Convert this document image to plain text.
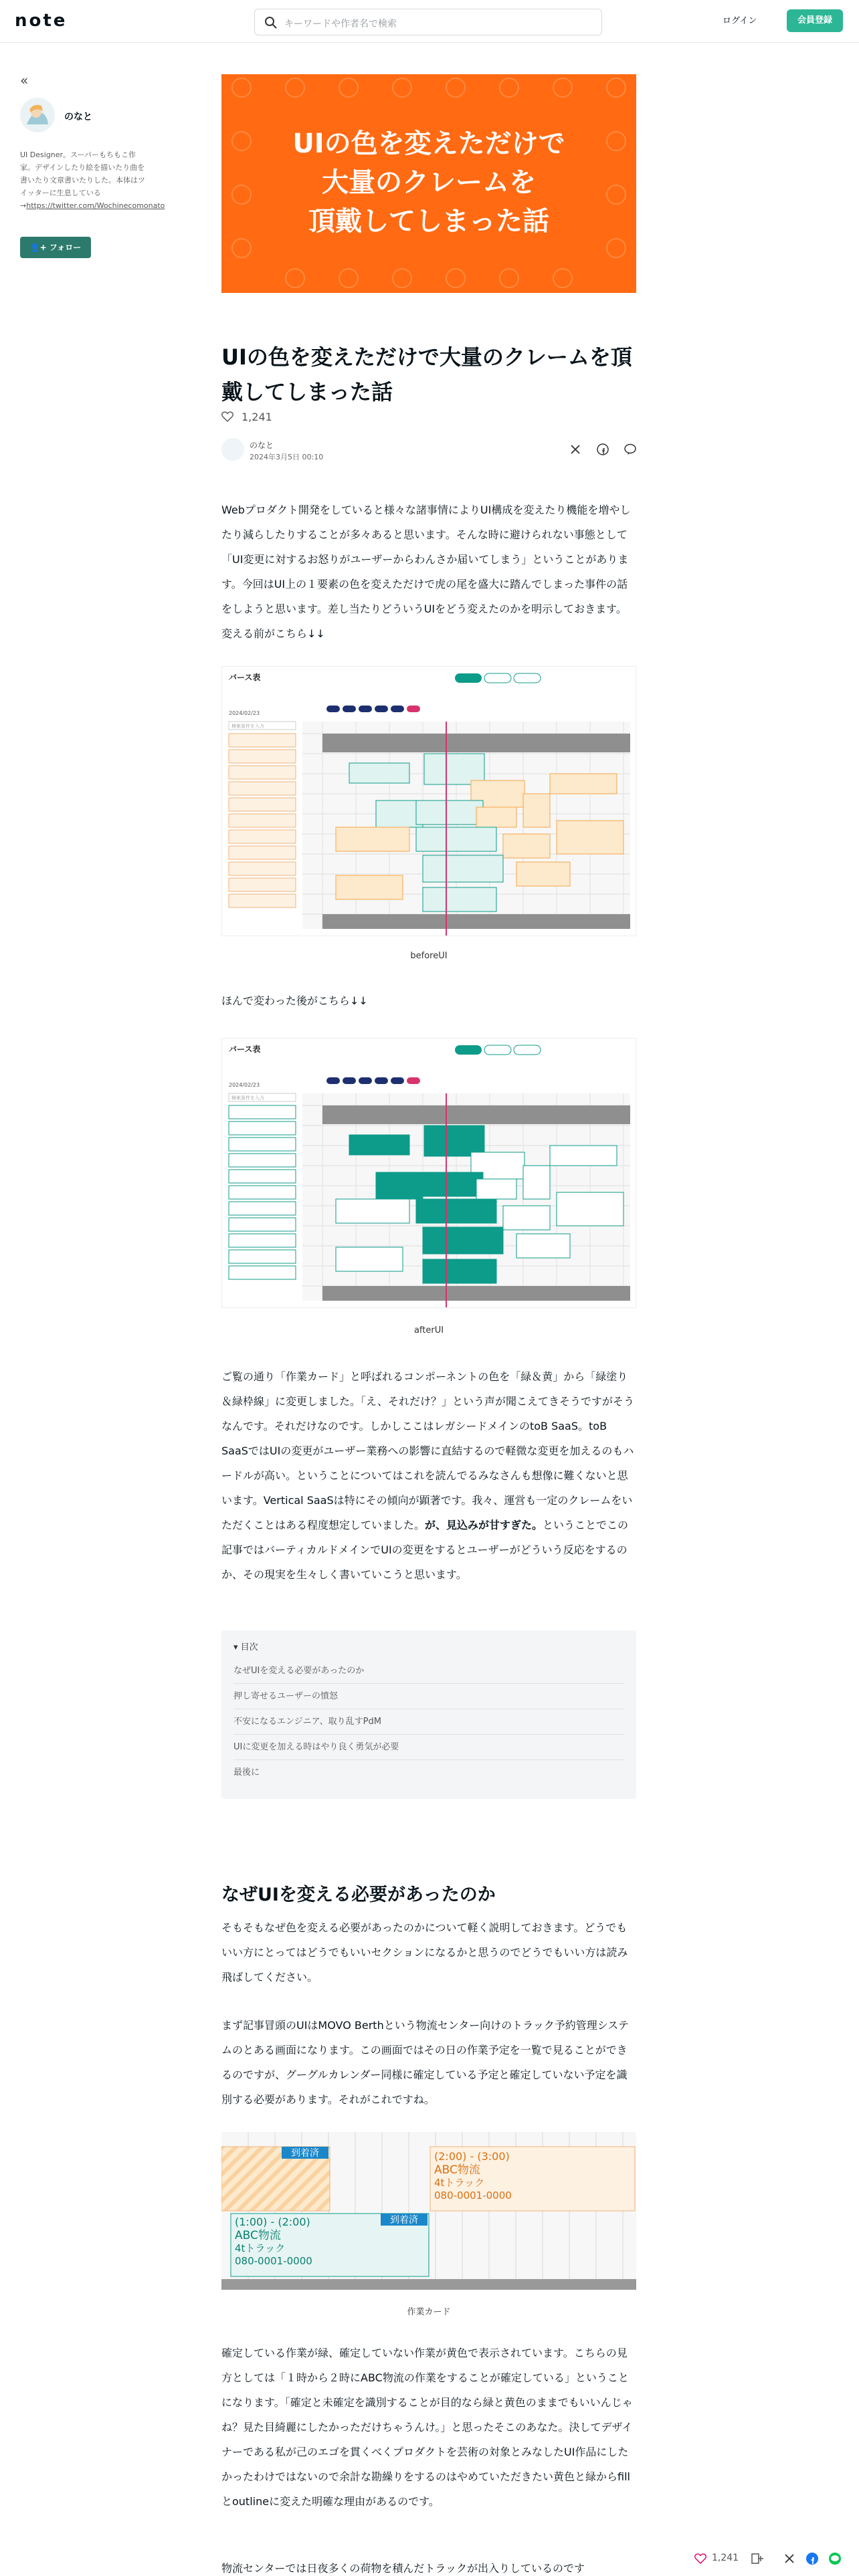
note	キーワードや作者名で検索	ログイン	会員登録
«
のなと
UI Designer。スーパーもちもこ作家。デザインしたり絵を描いたり曲を書いたり文章書いたりした。本体はツイッターに生息している→https://twitter.com/Wochinecomonato
👤+ フォロー
UIの色を変えただけで
大量のクレームを
頂戴してしまった話
UIの色を変えただけで大量のクレームを頂戴してしまった話
1,241
のなと
2024年3月5日 00:10

Webプロダクト開発をしていると様々な諸事情によりUI構成を変えたり機能を増やしたり減らしたりすることが多々あると思います。そんな時に避けられない事態として「UI変更に対するお怒りがユーザーからわんさか届いてしまう」ということがあります。今回はUI上の１要素の色を変えただけで虎の尾を盛大に踏んでしまった事件の話をしようと思います。差し当たりどういうUIをどう変えたのかを明示しておきます。変える前がこちら↓↓
バース表
2024/02/23
検索条件を入力
beforeUI
ほんで変わった後がこちら↓↓
バース表
2024/02/23
検索条件を入力
afterUI
ご覧の通り「作業カード」と呼ばれるコンポーネントの色を「緑＆黄」から「緑塗り＆緑枠線」に変更しました。「え、それだけ？」という声が聞こえてきそうですがそうなんです。それだけなのです。しかしここはレガシードメインのtoB SaaS。toB SaaSではUIの変更がユーザー業務への影響に直結するので軽微な変更を加えるのもハードルが高い。ということについてはこれを読んでるみなさんも想像に難くないと思います。Vertical SaaSは特にその傾向が顕著です。我々、運営も一定のクレームをいただくことはある程度想定していました。が、見込みが甘すぎた。ということでこの記事ではバーティカルドメインでUIの変更をするとユーザーがどういう反応をするのか、その現実を生々しく書いていこうと思います。
▾ 目次
なぜUIを変える必要があったのか
押し寄せるユーザーの憤怒
不安になるエンジニア、取り乱すPdM
UIに変更を加える時はやり良く勇気が必要
最後に
なぜUIを変える必要があったのか
そもそもなぜ色を変える必要があったのかについて軽く説明しておきます。どうでもいい方にとってはどうでもいいセクションになるかと思うのでどうでもいい方は読み飛ばしてください。
まず記事冒頭のUIはMOVO Berthという物流センター向けのトラック予約管理システムのとある画面になります。この画面ではその日の作業予定を一覧で見ることができるのですが、グーグルカレンダー同様に確定している予定と確定していない予定を識別する必要があります。それがこれですね。
到着済	(2:00) - (3:00)
ABC物流
4tトラック
080-0001-0000
到着済
(1:00) - (2:00)
ABC物流
4tトラック
080-0001-0000
作業カード
確定している作業が緑、確定していない作業が黄色で表示されています。こちらの見方としては「１時から２時にABC物流の作業をすることが確定している」ということになります。「確定と未確定を識別することが目的なら緑と黄色のままでもいいんじゃね？見た目綺麗にしたかっただけちゃうんけ。」と思ったそこのあなた。決してデザイナーである私が己のエゴを貫くべくプロダクトを芸術の対象とみなしたUI作品にしたかったわけではないので余計な勘繰りをするのはやめていただきたい黄色と緑からfillとoutlineに変えた明確な理由があるのです。
物流センターでは日夜多くの荷物を積んだトラックが出入りしているのです
1,241
